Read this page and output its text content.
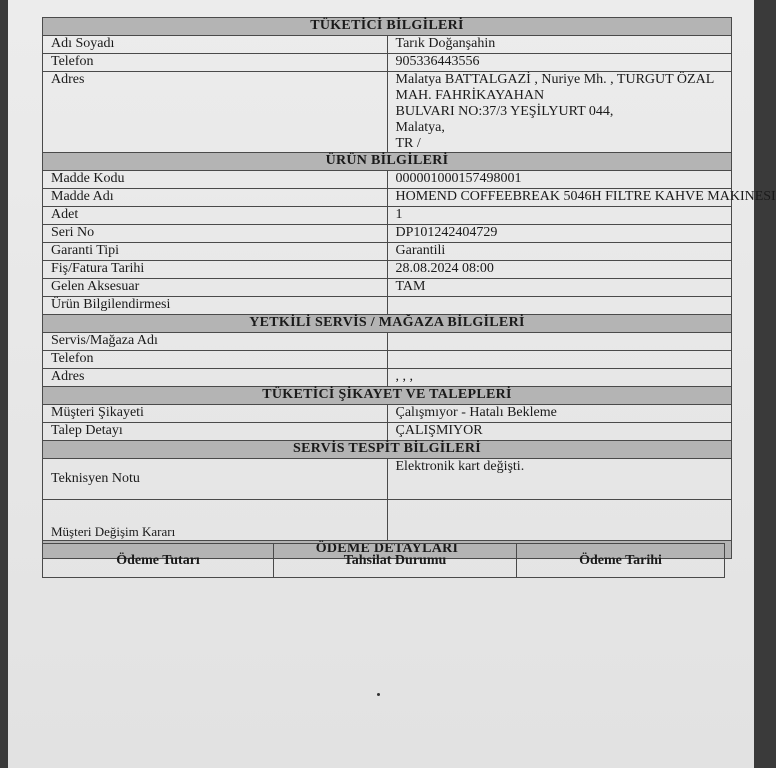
TÜKETİCİ BİLGİLERİ	
Adı Soyadı	Tarık Doğanşahin
Telefon	905336443556
Adres	Malatya BATTALGAZİ , Nuriye Mh. , TURGUT ÖZAL MAH. FAHRİKAYAHAN
BULVARI NO:37/3 YEŞİLYURT 044,
Malatya,
TR /

ÜRÜN BİLGİLERİ	
Madde Kodu	000001000157498001
Madde Adı	HOMEND COFFEEBREAK 5046H FILTRE KAHVE MAKINESI
Adet	1
Seri No	DP101242404729
Garanti Tipi	Garantili
Fiş/Fatura Tarihi	28.08.2024 08:00
Gelen Aksesuar	TAM
Ürün Bilgilendirmesi	
YETKİLİ SERVİS / MAĞAZA BİLGİLERİ	
Servis/Mağaza Adı	
Telefon	
Adres	, , ,
TÜKETİCİ ŞİKAYET VE TALEPLERİ	
Müşteri Şikayeti	Çalışmıyor - Hatalı Bekleme
Talep Detayı	ÇALIŞMIYOR
SERVİS TESPİT BİLGİLERİ	
Teknisyen Notu	Elektronik kart değişti.
Müşteri Değişim Kararı	
ÖDEME DETAYLARI	
Ödeme Tutarı	Tahsilat Durumu	Ödeme Tarihi
